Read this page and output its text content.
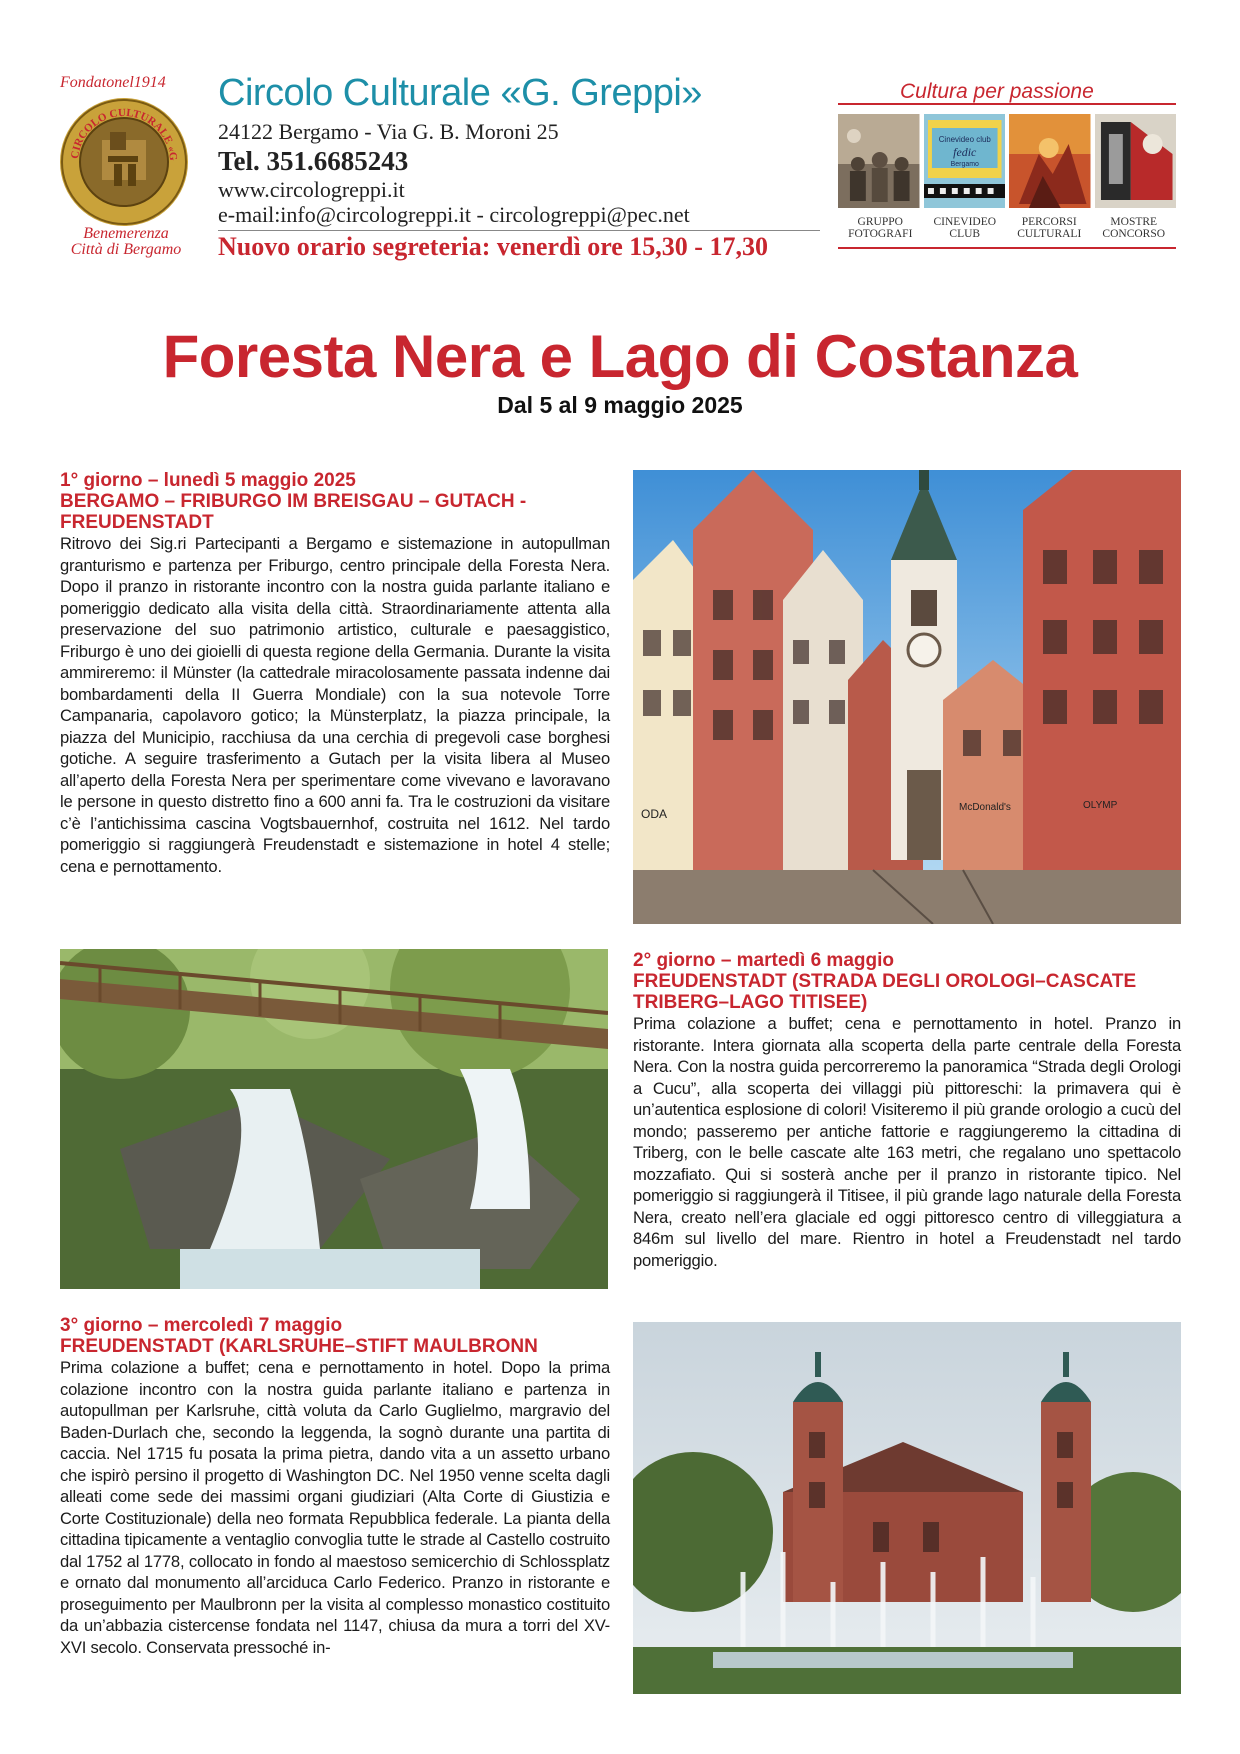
Fondatonel1914
CIRCOLO CULTURALE «G
Benemerenza
Città di Bergamo
Circolo Culturale «G. Greppi»
24122 Bergamo - Via G. B. Moroni 25
Tel. 351.6685243
www.circologreppi.it
e-mail:info@circologreppi.it - circologreppi@pec.net
Nuovo orario segreteria: venerdì ore 15,30 - 17,30
Cultura per passione
Cinevideo club
fedic
Bergamo
GRUPPO
FOTOGRAFI
CINEVIDEO
CLUB
PERCORSI
CULTURALI
MOSTRE
CONCORSO
Foresta Nera e Lago di Costanza
Dal 5 al 9 maggio 2025
1° giorno – lunedì 5 maggio 2025
BERGAMO – FRIBURGO IM BREISGAU – GUTACH - FREUDENSTADT
Ritrovo dei Sig.ri Partecipanti a Bergamo e sistemazione in autopullman granturismo e partenza per Friburgo, centro principale della Foresta Nera. Dopo il pranzo in ristorante incontro con la nostra guida parlante italiano e pomeriggio dedicato alla visita della città. Straordinariamente attenta alla preservazione del suo patrimonio artistico, culturale e paesaggistico, Friburgo è uno dei gioielli di questa regione della Germania. Durante la visita ammireremo: il Münster (la cattedrale miracolosamente passata indenne dai bombardamenti della II Guerra Mondiale) con la sua notevole Torre Campanaria, capolavoro gotico; la Münsterplatz, la piazza principale, la piazza del Municipio, racchiusa da una cerchia di pregevoli case borghesi gotiche. A seguire trasferimento a Gutach per la visita libera al Museo all’aperto della Foresta Nera per sperimentare come vivevano e lavoravano le persone in questo distretto fino a 600 anni fa. Tra le costruzioni da visitare c’è l’antichissima cascina Vogtsbauernhof, costruita nel 1612. Nel tardo pomeriggio si raggiungerà Freudenstadt e sistemazione in hotel 4 stelle; cena e pernottamento.
ODA	McDonald's	OLYMP
2° giorno – martedì 6 maggio
FREUDENSTADT (STRADA DEGLI OROLOGI–CASCATE TRIBERG–LAGO TITISEE)
Prima colazione a buffet; cena e pernottamento in hotel. Pranzo in ristorante. Intera giornata alla scoperta della parte centrale della Foresta Nera. Con la nostra guida percorreremo la panoramica “Strada degli Orologi a Cucu”, alla scoperta dei villaggi più pittoreschi: la primavera qui è un’autentica esplosione di colori! Visiteremo il più grande orologio a cucù del mondo; passeremo per antiche fattorie e raggiungeremo la cittadina di Triberg, con le belle cascate alte 163 metri, che regalano uno spettacolo mozzafiato. Qui si sosterà anche per il pranzo in ristorante tipico. Nel pomeriggio si raggiungerà il Titisee, il più grande lago naturale della Foresta Nera, creato nell’era glaciale ed oggi pittoresco centro di villeggiatura a 846m sul livello del mare. Rientro in hotel a Freudenstadt nel tardo pomeriggio.
3° giorno – mercoledì 7 maggio
FREUDENSTADT (KARLSRUHE–STIFT MAULBRONN
Prima colazione a buffet; cena e pernottamento in hotel. Dopo la prima colazione incontro con la nostra guida parlante italiano e partenza in autopullman per Karlsruhe, città voluta da Carlo Guglielmo, margravio del Baden-Durlach che, secondo la leggenda, la sognò durante una partita di caccia. Nel 1715 fu posata la prima pietra, dando vita a un assetto urbano che ispirò persino il progetto di Washington DC. Nel 1950 venne scelta dagli alleati come sede dei massimi organi giudiziari (Alta Corte di Giustizia e Corte Costituzionale) della neo formata Repubblica federale. La pianta della cittadina tipicamente a ventaglio convoglia tutte le strade al Castello costruito dal 1752 al 1778, collocato in fondo al maestoso semicerchio di Schlossplatz e ornato dal monumento all’arciduca Carlo Federico. Pranzo in ristorante e proseguimento per Maulbronn per la visita al complesso monastico costituito da un’abbazia cistercense fondata nel 1147, chiusa da mura a torri del XV-XVI secolo. Conservata pressoché in-
